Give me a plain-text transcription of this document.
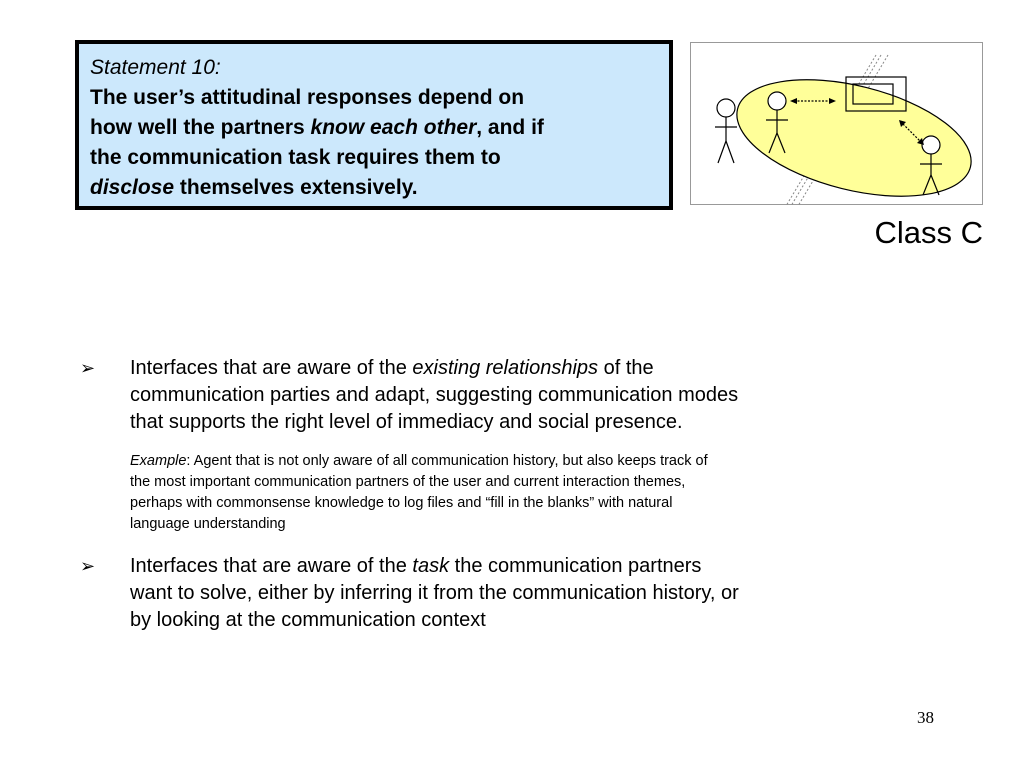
Statement 10:
The user’s attitudinal responses depend on
how well the partners know each other, and if
the communication task requires them to
disclose themselves extensively.
Class C
➢ Interfaces that are aware of the existing relationships of the
communication parties and adapt, suggesting communication modes
that supports the right level of immediacy and social presence.
Example: Agent that is not only aware of all communication history, but also keeps track of
the most important communication partners of the user and current interaction themes,
perhaps with commonsense knowledge to log files and “fill in the blanks” with natural
language understanding
➢ Interfaces that are aware of the task the communication partners
want to solve, either by inferring it from the communication history, or
by looking at the communication context
38
